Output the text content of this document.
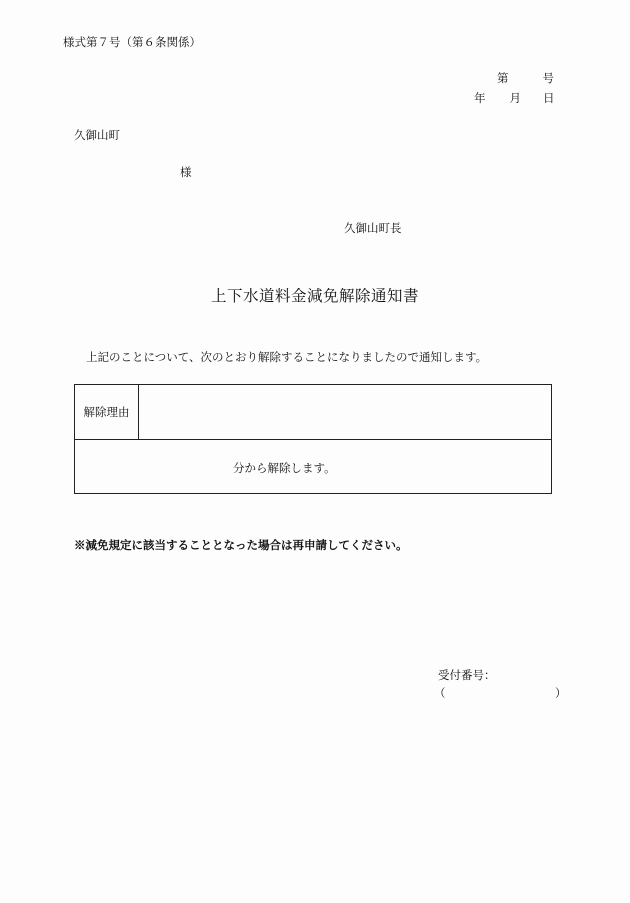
様式第７号（第６条関係）
第	号
年 月 日
久御山町
様
久御山町長
上下水道料金減免解除通知書
上記のことについて、次のとおり解除することになりましたので通知します。
解除理由
分から解除します。
※減免規定に該当することとなった場合は再申請してください。
受付番号：
（	）
